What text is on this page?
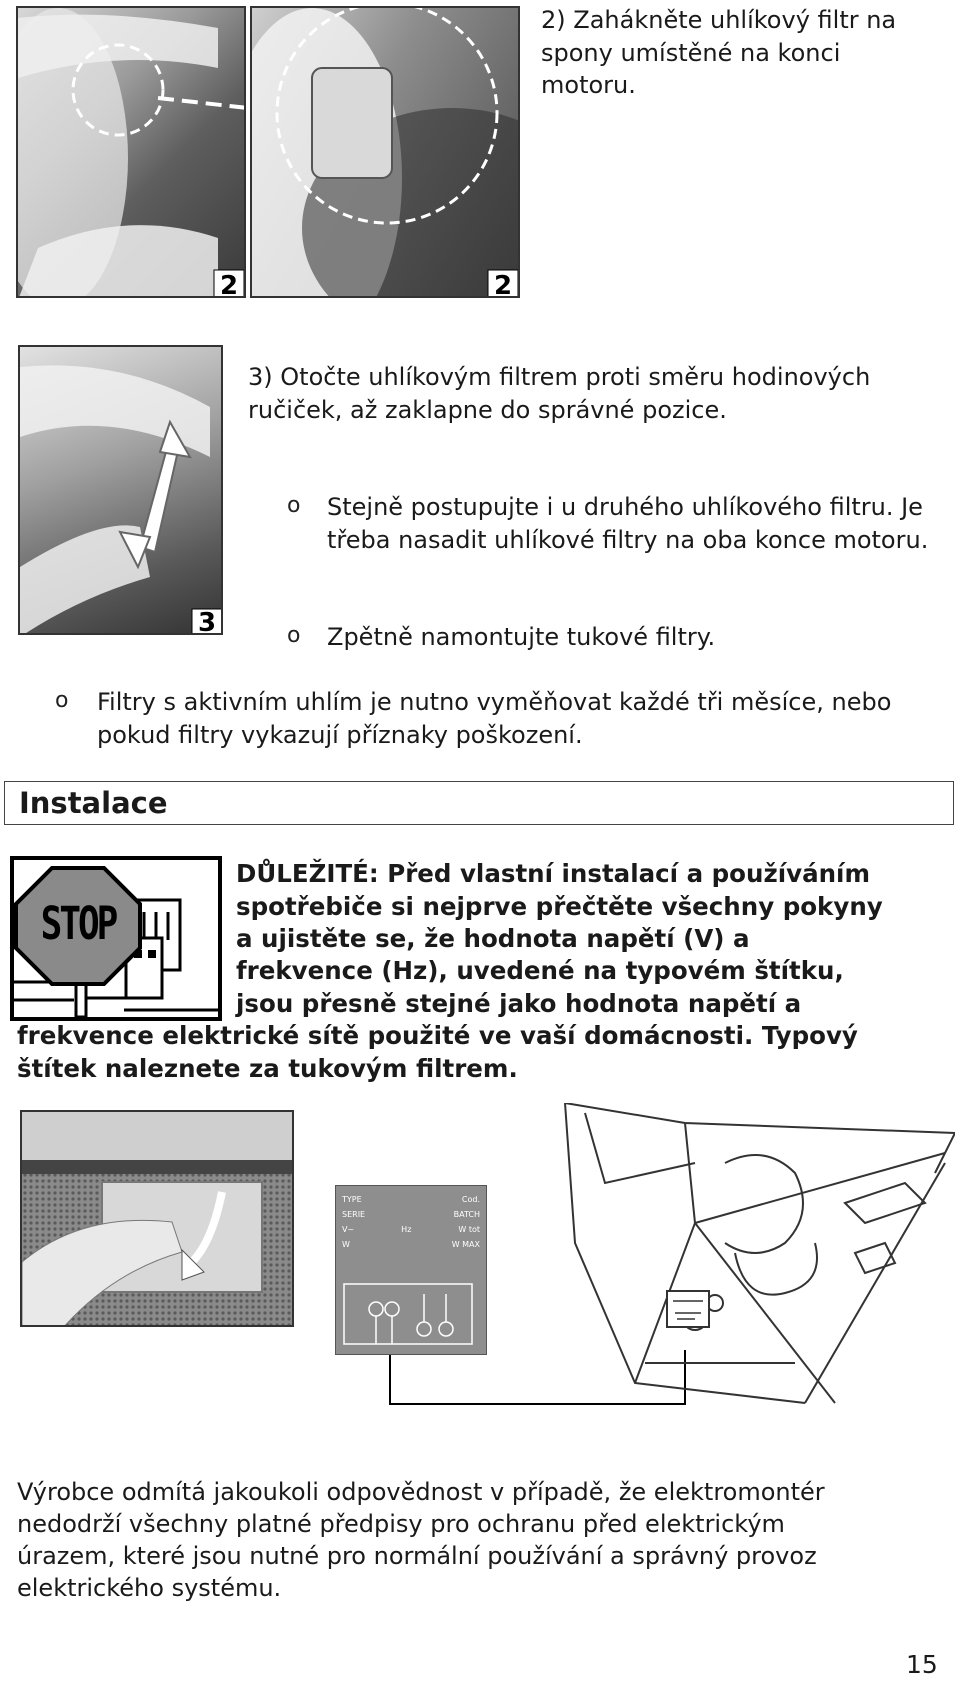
2	2
2) Zahákněte uhlíkový filtr na spony umístěné na konci motoru.
3
3) Otočte uhlíkovým filtrem proti směru hodinových ručiček, až zaklapne do správné pozice.
o Stejně postupujte i u druhého uhlíkového filtru. Je třeba nasadit uhlíkové filtry na oba konce motoru.
o Zpětně namontujte tukové filtry.
o Filtry s aktivním uhlím je nutno vyměňovat každé tři měsíce, nebo pokud filtry vykazují příznaky poškození.
Instalace
STOP
DŮLEŽITÉ: Před vlastní instalací a používáním
spotřebiče si nejprve přečtěte všechny pokyny
a ujistěte se, že hodnota napětí (V) a
frekvence (Hz), uvedené na typovém štítku,
jsou přesně stejné jako hodnota napětí a
frekvence elektrické sítě použité ve vaší domácnosti. Typový
štítek naleznete za tukovým filtrem.
TYPE	Cod.
SERIE	BATCH
V~	Hz	W tot
W	W MAX
Výrobce odmítá jakoukoli odpovědnost v případě, že elektromontér
nedodrží všechny platné předpisy pro ochranu před elektrickým
úrazem, které jsou nutné pro normální používání a správný provoz
elektrického systému.
15
